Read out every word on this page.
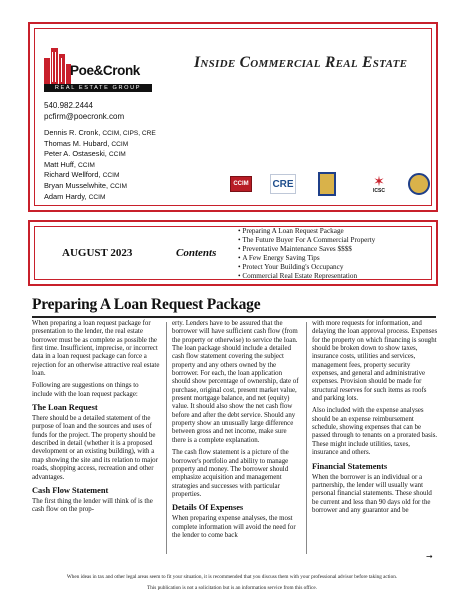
Poe&Cronk
REAL ESTATE GROUP
Inside Commercial Real Estate
540.982.2444
pcfirm@poecronk.com
Dennis R. Cronk, CCIM, CIPS, CRE
Thomas M. Hubard, CCIM
Peter A. Ostaseski, CCIM
Matt Huff, CCIM
Richard Wellford, CCIM
Bryan Musselwhite, CCIM
Adam Hardy, CCIM
CCIM	CRE	✶
ICSC
AUGUST 2023	Contents
• Preparing A Loan Request Package
• The Future Buyer For A Commercial Property
• Preventative Maintenance Saves $$$$
• A Few Energy Saving Tips
• Protect Your Building's Occupancy
• Commercial Real Estate Representation
Preparing A Loan Request Package

When preparing a loan request package for presentation to the lender, the real estate borrower must be as complete as possible the first time. Insufficient, imprecise, or incorrect data in a loan request package can force a rejection for an otherwise attractive real estate loan.

Following are suggestions on things to include with the loan request package:

The Loan Request

There should be a detailed statement of the purpose of loan and the sources and uses of funds for the project. The property should be described in detail (whether it is a proposed development or an existing building), with a map showing the site and its relation to major roads, shopping access, recreation and other advantages.

Cash Flow Statement

The first thing the lender will think of is the cash flow on the prop-

erty. Lenders have to be assured that the borrower will have sufficient cash flow (from the property or otherwise) to service the loan. The loan package should include a detailed cash flow statement covering the subject property and any others owned by the borrower. For each, the loan application should show percentage of ownership, date of purchase, original cost, present market value, present mortgage balance, and net (equity) value. It should also show the net cash flow before and after the debt service. Should any property show an unusually large difference between gross and net income, make sure there is a complete explanation.

The cash flow statement is a picture of the borrower's portfolio and ability to manage property and money. The borrower should emphasize acquisition and management strategies and successes with particular properties.

Details Of Expenses

When preparing expense analyses, the most complete information will avoid the need for the lender to come back

with more requests for information, and delaying the loan approval process. Expenses for the property on which financing is sought should be broken down to show taxes, insurance costs, utilities and services, management fees, property security expenses, and general and administrative expenses. Provision should be made for structural reserves for such items as roofs and parking lots.

Also included with the expense analyses should be an expense reimbursement schedule, showing expenses that can be passed through to tenants on a prorated basis. These might include utilities, taxes, insurance and others.

Financial Statements

When the borrower is an individual or a partnership, the lender will usually want personal financial statements. These should be current and less than 90 days old for the borrower and any guarantor and be

➞
When ideas in tax and other legal areas seem to fit your situation, it is recommended that you discuss them with your professional advisor before taking action.
This publication is not a solicitation but is an information service from this office.
